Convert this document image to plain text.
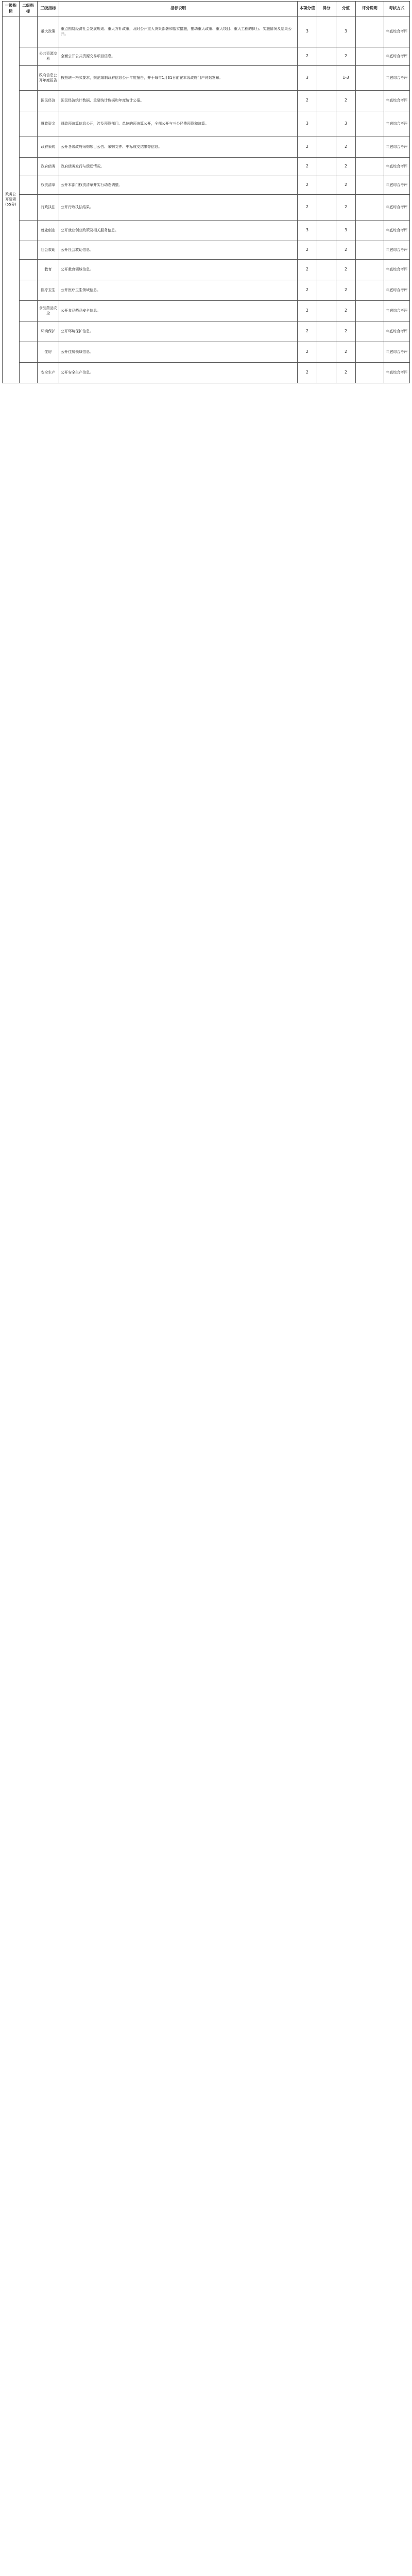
一级指标	二级指标	三级指标	指标说明	本项分值	得分	分值	评分说明	考核方式
政务公开要素(55分)		重大政策	重点围绕经济社会发展规划、重大方针政策，及时公开重大决策部署和落实措施，推动重大政策、重大项目、重大工程的执行、实施情况及结果公开。	3		3		年底综合考评
		公共资源交易	全面公开公共资源交易项目信息。	2		2		年底综合考评
		政府信息公开年度报告	按照统一格式要求，规范编制政府信息公开年度报告，并于每年1月31日前在本级政府门户网站发布。	3		1-3		年底综合考评
		国民经济	国民经济统计数据、重要统计数据和年度统计公报。	2		2		年底综合考评
		财政资金	财政预决算信息公开，涉及预算部门、单位的预决算公开，全部公开与三公经费预算和决算。	3		3		年底综合考评
		政府采购	公开各级政府采购项目公告、采购文件、中标成交结果等信息。	2		2		年底综合考评
		政府债务	政府债务发行与偿还情况。	2		2		年底综合考评
		权责清单	公开本部门权责清单并实行动态调整。	2		2		年底综合考评
		行政执法	公开行政执法结果。	2		2		年底综合考评
		就业创业	公开就业创业政策及相关服务信息。	3		3		年底综合考评
		社会救助	公开社会救助信息。	2		2		年底综合考评
		教育	公开教育领域信息。	2		2		年底综合考评
		医疗卫生	公开医疗卫生领域信息。	2		2		年底综合考评
		食品药品安全	公开食品药品安全信息。	2		2		年底综合考评
		环境保护	公开环境保护信息。	2		2		年底综合考评
		住房	公开住房领域信息。	2		2		年底综合考评
		安全生产	公开安全生产信息。	2		2		年底综合考评
